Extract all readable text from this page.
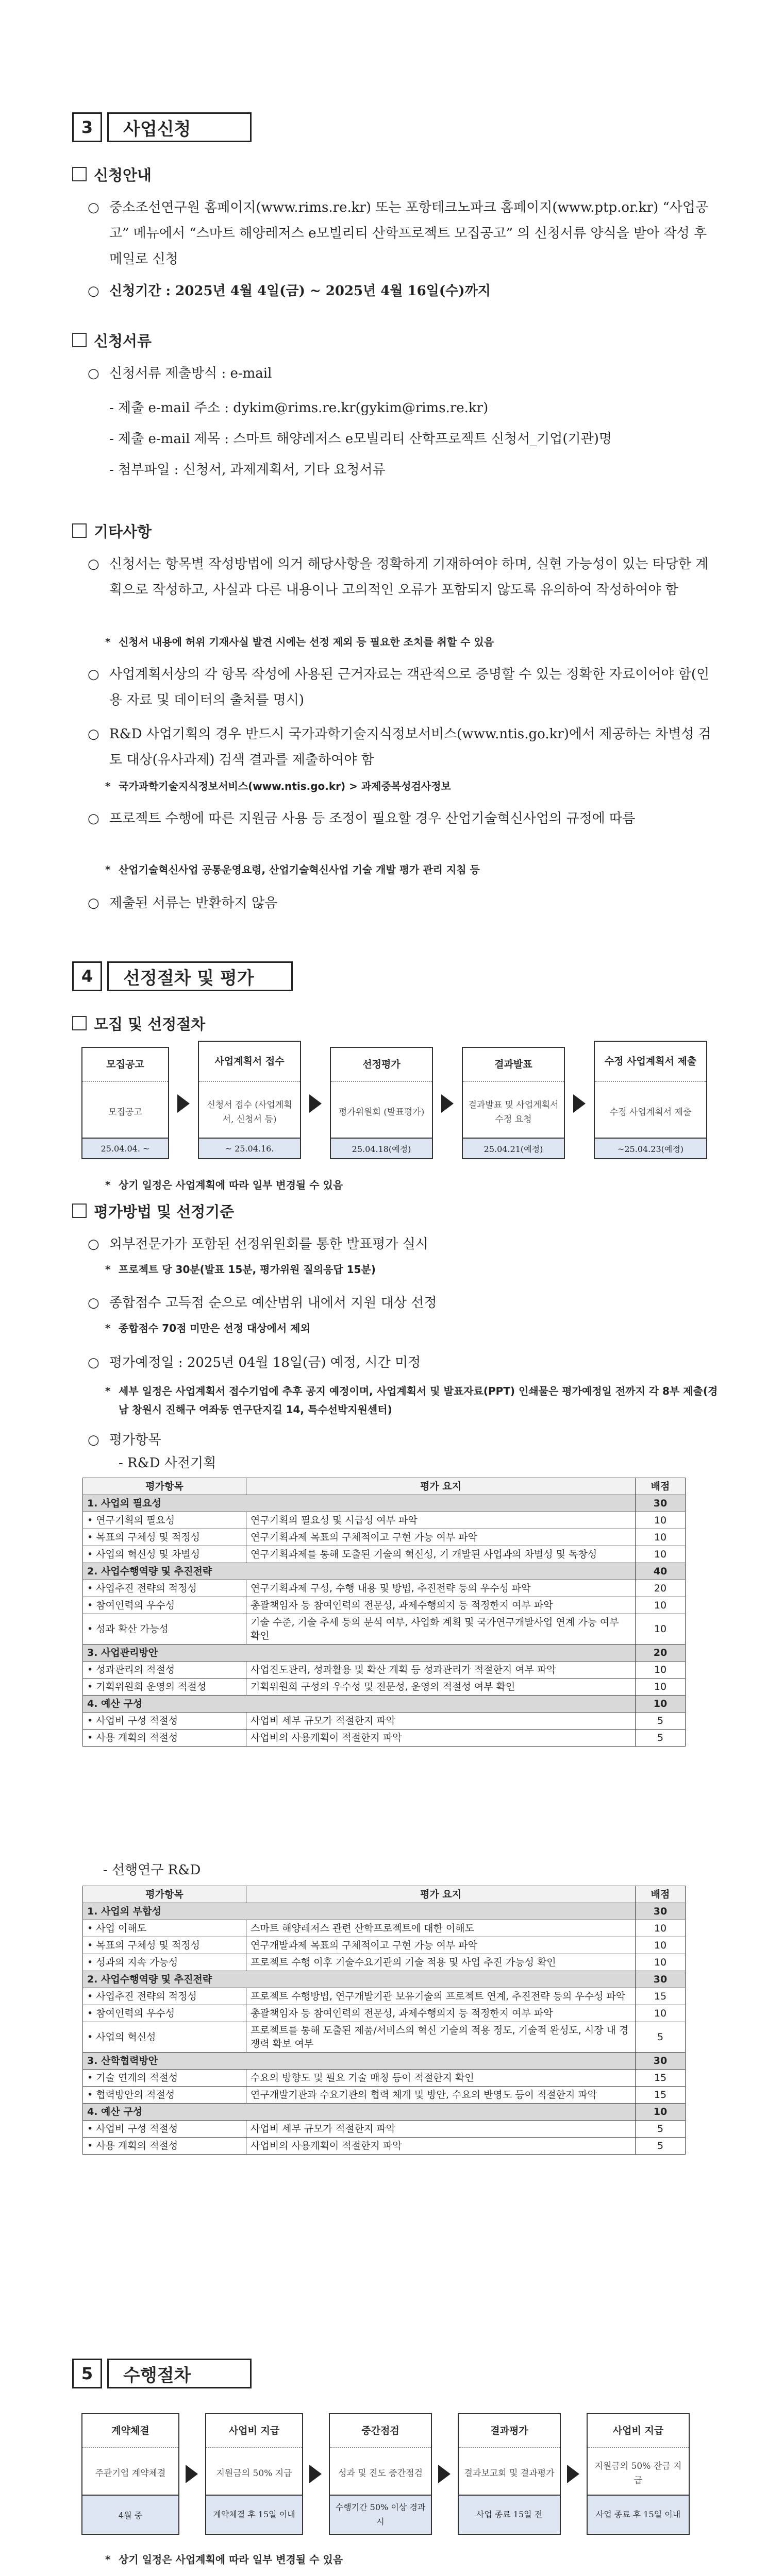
3	사업신청
신청안내
○ 중소조선연구원 홈페이지(www.rims.re.kr) 또는 포항테크노파크 홈페이지(www.ptp.or.kr) “사업공고” 메뉴에서 “스마트 해양레저스 e모빌리티 산학프로젝트 모집공고” 의 신청서류 양식을 받아 작성 후 메일로 신청
○ 신청기간 : 2025년 4월 4일(금) ~ 2025년 4월 16일(수)까지
신청서류
○ 신청서류 제출방식 : e-mail
- 제출 e-mail 주소 : dykim@rims.re.kr(gykim@rims.re.kr)
- 제출 e-mail 제목 : 스마트 해양레저스 e모빌리티 산학프로젝트 신청서_기업(기관)명
- 첨부파일 : 신청서, 과제계획서, 기타 요청서류
기타사항
○ 신청서는 항목별 작성방법에 의거 해당사항을 정확하게 기재하여야 하며, 실현 가능성이 있는 타당한 계획으로 작성하고, 사실과 다른 내용이나 고의적인 오류가 포함되지 않도록 유의하여 작성하여야 함
* 신청서 내용에 허위 기재사실 발견 시에는 선정 제외 등 필요한 조치를 취할 수 있음
○ 사업계획서상의 각 항목 작성에 사용된 근거자료는 객관적으로 증명할 수 있는 정확한 자료이어야 함(인용 자료 및 데이터의 출처를 명시)
○ R&D 사업기획의 경우 반드시 국가과학기술지식정보서비스(www.ntis.go.kr)에서 제공하는 차별성 검토 대상(유사과제) 검색 결과를 제출하여야 함
* 국가과학기술지식정보서비스(www.ntis.go.kr) > 과제중복성검사정보
○ 프로젝트 수행에 따른 지원금 사용 등 조정이 필요할 경우 산업기술혁신사업의 규정에 따름
* 산업기술혁신사업 공통운영요령, 산업기술혁신사업 기술 개발 평가 관리 지침 등
○ 제출된 서류는 반환하지 않음
4	선정절차 및 평가
모집 및 선정절차
모집공고
모집공고
25.04.04. ~
사업계획서 접수
신청서 접수 (사업계획서, 신청서 등)
~ 25.04.16.
선정평가
평가위원회 (발표평가)
25.04.18(예정)
결과발표
결과발표 및 사업계획서 수정 요청
25.04.21(예정)
수정 사업계획서 제출
수정 사업계획서 제출
~25.04.23(예정)
* 상기 일정은 사업계획에 따라 일부 변경될 수 있음
평가방법 및 선정기준
○ 외부전문가가 포함된 선정위원회를 통한 발표평가 실시
* 프로젝트 당 30분(발표 15분, 평가위원 질의응답 15분)
○ 종합점수 고득점 순으로 예산범위 내에서 지원 대상 선정
* 종합점수 70점 미만은 선정 대상에서 제외
○ 평가예정일 : 2025년 04월 18일(금) 예정, 시간 미정
* 세부 일정은 사업계획서 접수기업에 추후 공지 예정이며, 사업계획서 및 발표자료(PPT) 인쇄물은 평가예정일 전까지 각 8부 제출(경남 창원시 진해구 여좌동 연구단지길 14, 특수선박지원센터)
○ 평가항목
- R&D 사전기획
평가항목	평가 요지	배점
1. 사업의 필요성		30
• 연구기획의 필요성	연구기획의 필요성 및 시급성 여부 파악	10
• 목표의 구체성 및 적정성	연구기획과제 목표의 구체적이고 구현 가능 여부 파악	10
• 사업의 혁신성 및 차별성	연구기획과제를 통해 도출된 기술의 혁신성, 기 개발된 사업과의 차별성 및 독창성	10
2. 사업수행역량 및 추진전략		40
• 사업추진 전략의 적정성	연구기획과제 구성, 수행 내용 및 방법, 추진전략 등의 우수성 파악	20
• 참여인력의 우수성	총괄책임자 등 참여인력의 전문성, 과제수행의지 등 적정한지 여부 파악	10
• 성과 확산 가능성	기술 수준, 기술 추세 등의 분석 여부, 사업화 계획 및 국가연구개발사업 연계 가능 여부 확인	10
3. 사업관리방안		20
• 성과관리의 적절성	사업진도관리, 성과활용 및 확산 계획 등 성과관리가 적절한지 여부 파악	10
• 기획위원회 운영의 적절성	기획위원회 구성의 우수성 및 전문성, 운영의 적절성 여부 확인	10
4. 예산 구성		10
• 사업비 구성 적절성	사업비 세부 규모가 적절한지 파악	5
• 사용 계획의 적절성	사업비의 사용계획이 적절한지 파악	5
- 선행연구 R&D
평가항목	평가 요지	배점
1. 사업의 부합성		30
• 사업 이해도	스마트 해양레저스 관련 산학프로젝트에 대한 이해도	10
• 목표의 구체성 및 적정성	연구개발과제 목표의 구체적이고 구현 가능 여부 파악	10
• 성과의 지속 가능성	프로젝트 수행 이후 기술수요기관의 기술 적용 및 사업 추진 가능성 확인	10
2. 사업수행역량 및 추진전략		30
• 사업추진 전략의 적정성	프로젝트 수행방법, 연구개발기관 보유기술의 프로젝트 연계, 추진전략 등의 우수성 파악	15
• 참여인력의 우수성	총괄책임자 등 참여인력의 전문성, 과제수행의지 등 적정한지 여부 파악	10
• 사업의 혁신성	프로젝트를 통해 도출된 제품/서비스의 혁신 기술의 적용 정도, 기술적 완성도, 시장 내 경쟁력 확보 여부	5
3. 산학협력방안		30
• 기술 연계의 적절성	수요의 방향도 및 필요 기술 매칭 등이 적절한지 확인	15
• 협력방안의 적절성	연구개발기관과 수요기관의 협력 체계 및 방안, 수요의 반영도 등이 적절한지 파악	15
4. 예산 구성		10
• 사업비 구성 적절성	사업비 세부 규모가 적절한지 파악	5
• 사용 계획의 적절성	사업비의 사용계획이 적절한지 파악	5
5	수행절차
계약체결
주관기업 계약체결
4월 중
사업비 지급
지원금의 50% 지급
계약체결 후 15일 이내
중간점검
성과 및 진도 중간점검
수행기간 50% 이상 경과 시
결과평가
결과보고회 및 결과평가
사업 종료 15일 전
사업비 지급
지원금의 50% 잔금 지급
사업 종료 후 15일 이내
* 상기 일정은 사업계획에 따라 일부 변경될 수 있음
